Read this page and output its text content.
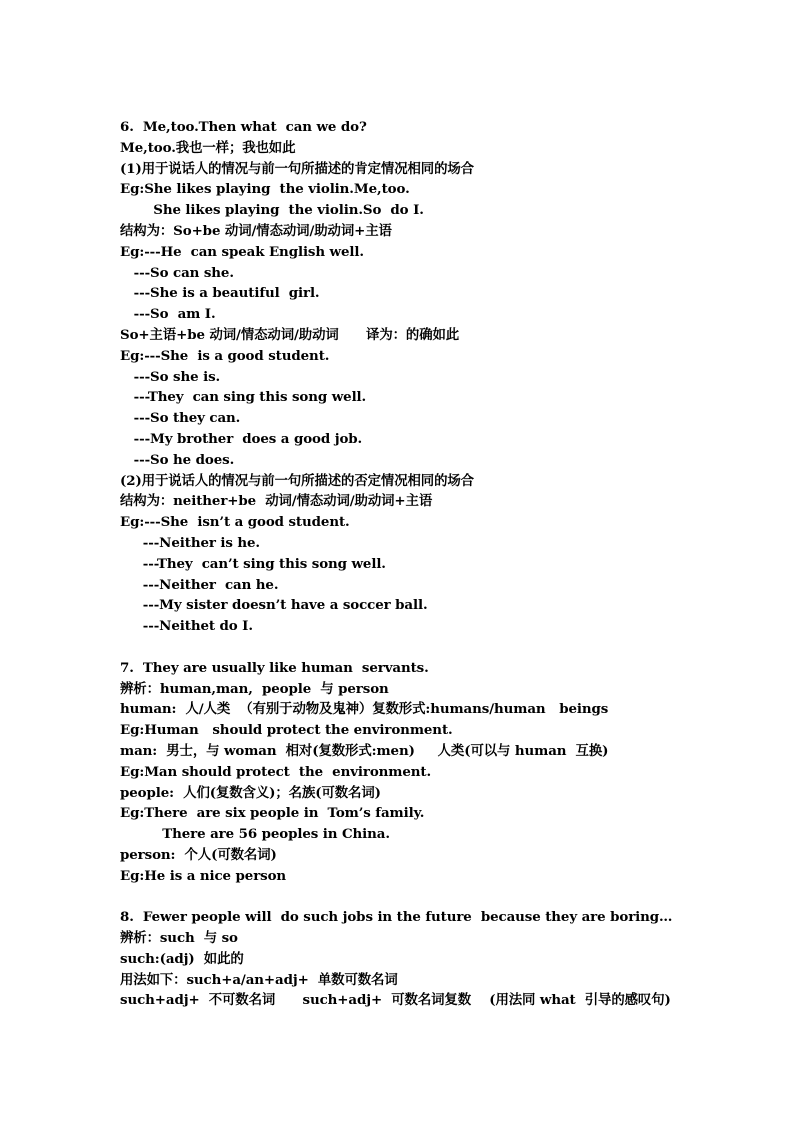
6.  Me,too.Then what  can we do?
Me,too.我也一样；我也如此
(1)用于说话人的情况与前一句所描述的肯定情况相同的场合
Eg:She likes playing  the violin.Me,too.
She likes playing  the violin.So  do I.
结构为：So+be 动词/情态动词/助动词+主语
Eg:---He  can speak English well.
---So can she.
---She is a beautiful  girl.
---So  am I.
So+主语+be 动词/情态动词/助动词      译为：的确如此
Eg:---She  is a good student.
---So she is.
---They  can sing this song well.
---So they can.
---My brother  does a good job.
---So he does.
(2)用于说话人的情况与前一句所描述的否定情况相同的场合
结构为：neither+be  动词/情态动词/助动词+主语
Eg:---She  isn’t a good student.
---Neither is he.
---They  can’t sing this song well.
---Neither  can he.
---My sister doesn’t have a soccer ball.
---Neithet do I.
7.  They are usually like human  servants.
辨析：human,man,  people  与 person
human:  人/人类  （有别于动物及鬼神）复数形式:humans/human   beings
Eg:Human   should protect the environment.
man:  男士，与 woman  相对(复数形式:men)     人类(可以与 human  互换)
Eg:Man should protect  the  environment.
people:  人们(复数含义)；名族(可数名词)
Eg:There  are six people in  Tom’s family.
There are 56 peoples in China.
person:  个人(可数名词)
Eg:He is a nice person
8.  Fewer people will  do such jobs in the future  because they are boring…
辨析：such  与 so
such:(adj)  如此的
用法如下：such+a/an+adj+  单数可数名词
such+adj+  不可数名词      such+adj+  可数名词复数    (用法同 what  引导的感叹句)
